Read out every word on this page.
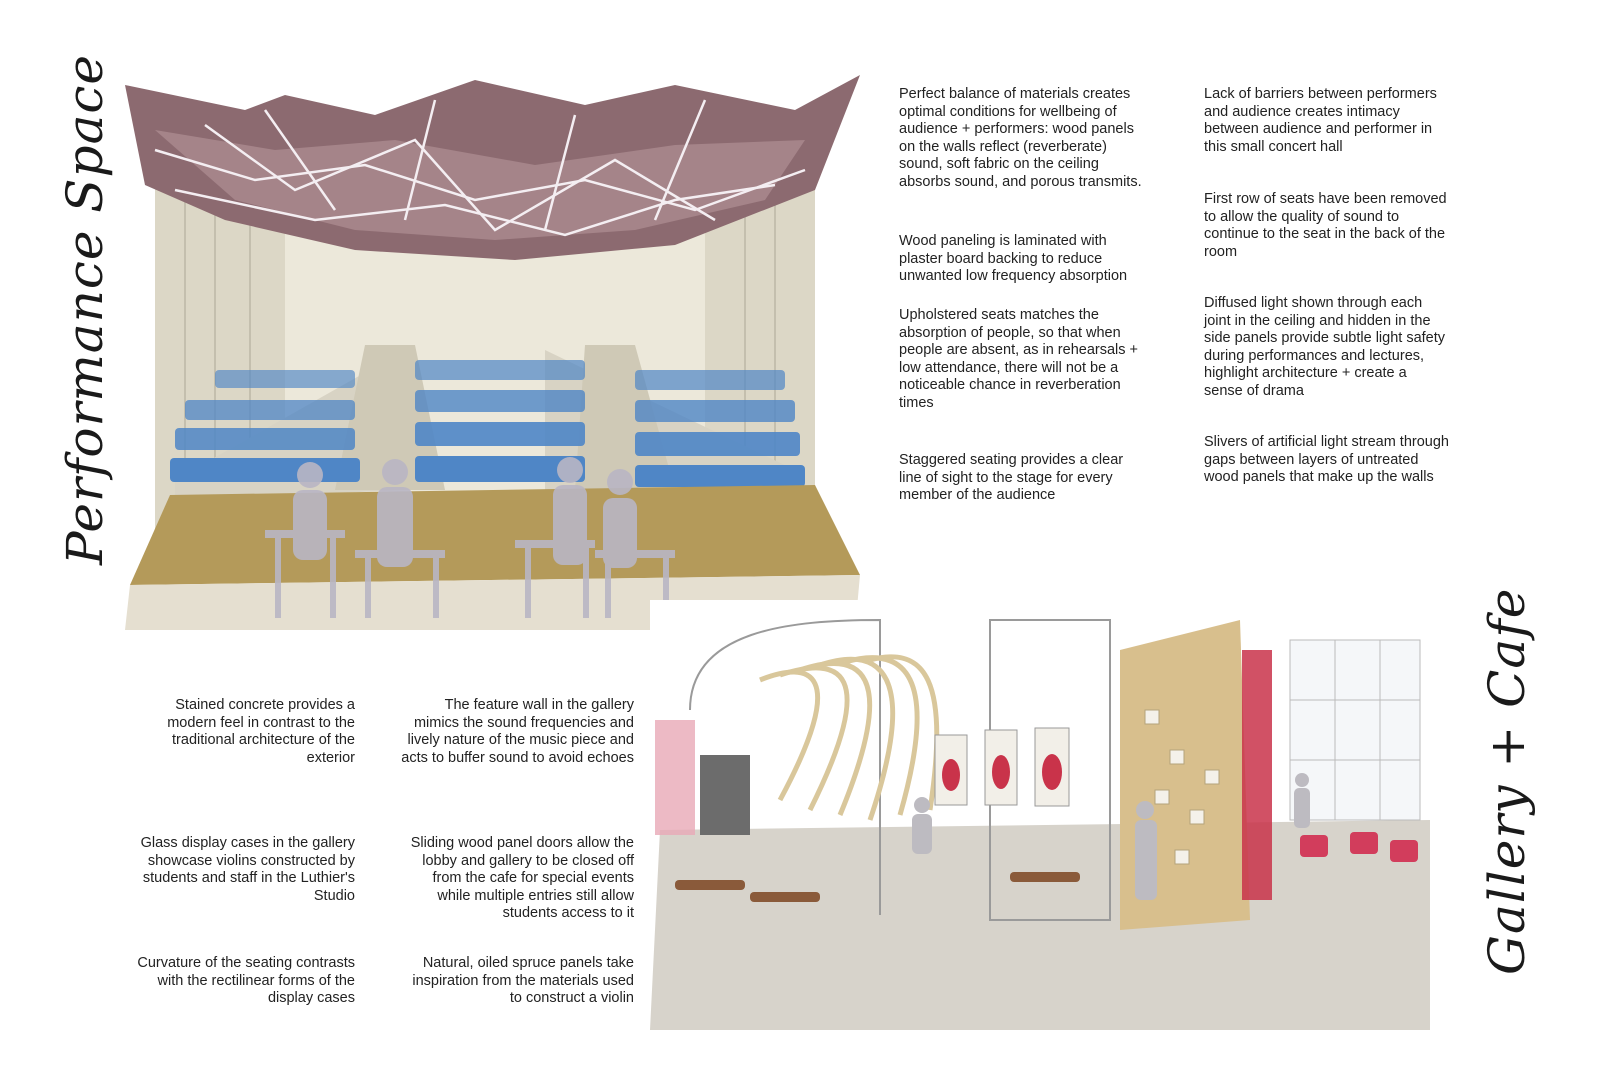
Performance Space
Gallery + Cafe
Perfect balance of materials creates optimal conditions for wellbeing of audience + performers: wood panels on the walls reflect (reverberate) sound, soft fabric on the ceiling absorbs sound, and porous transmits.
Wood paneling is laminated with plaster board backing to reduce unwanted low frequency absorption
Upholstered seats matches the absorption of people, so that when people are absent, as in rehearsals + low attendance, there will not be a noticeable chance in reverberation times
Staggered seating provides a clear line of sight to the stage for every member of the audience
Lack of barriers between performers and audience creates intimacy between audience and performer in this small concert hall
First row of seats have been removed to allow the quality of sound to continue to the seat in the back of the room
Diffused light shown through each joint in the ceiling and hidden in the side panels provide subtle light safety during performances and lectures, highlight architecture + create a sense of drama
Slivers of artificial light stream through gaps between layers of untreated wood panels that make up the walls
Stained concrete provides a modern feel in contrast to the traditional architecture of the exterior
Glass display cases in the gallery showcase violins constructed by students and staff in the Luthier's Studio
Curvature of the seating contrasts with the rectilinear forms of the display cases
The feature wall in the gallery mimics the sound frequencies and lively nature of the music piece and acts to buffer sound to avoid echoes
Sliding wood panel doors allow the lobby and gallery to be closed off from the cafe for special events while multiple entries still allow students access to it
Natural, oiled spruce panels take inspiration from the materials used to construct a violin
